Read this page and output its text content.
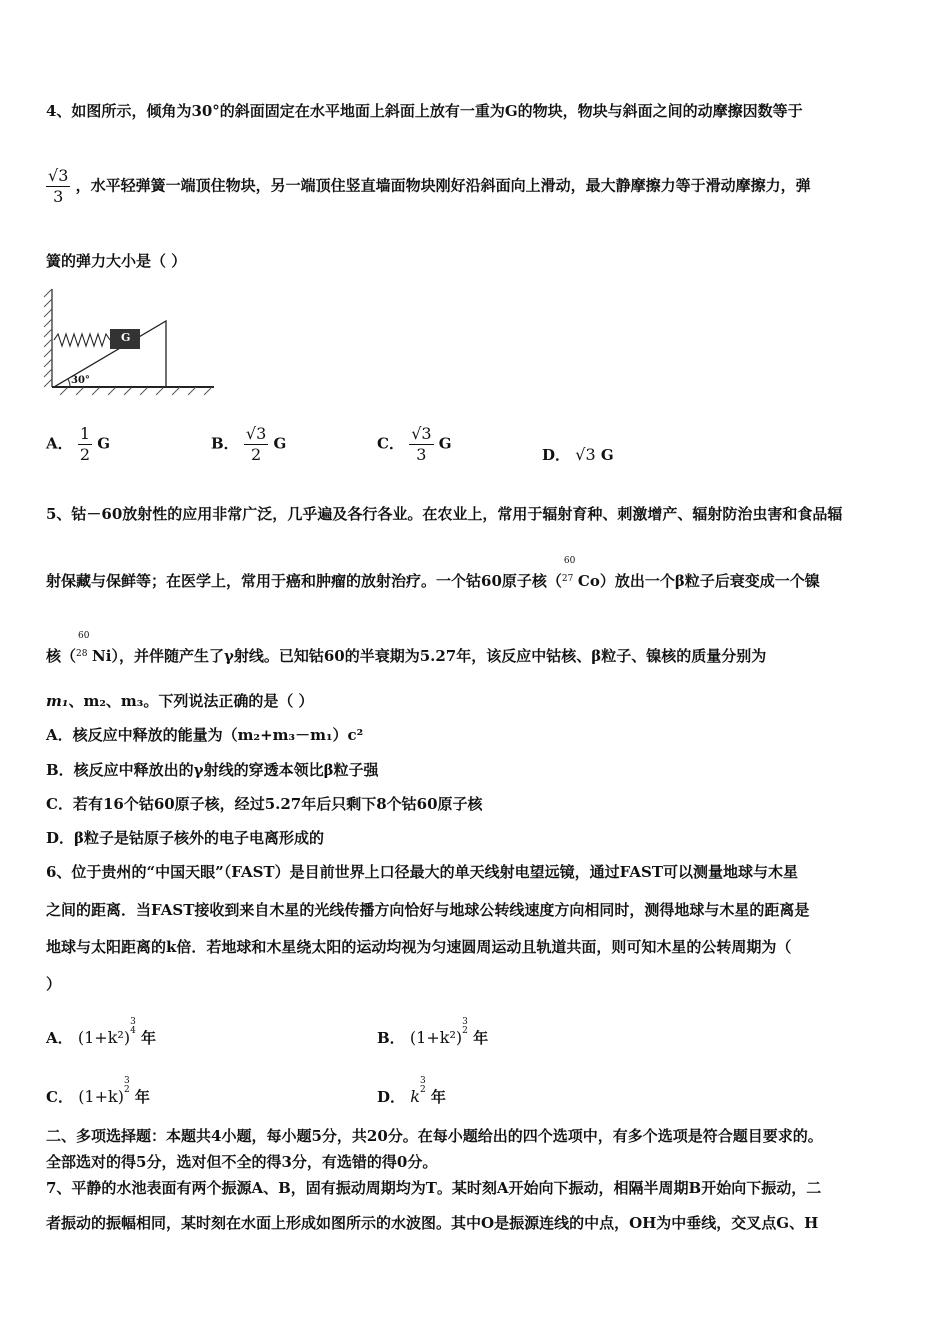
4、如图所示，倾角为30°的斜面固定在水平地面上斜面上放有一重为G的物块，物块与斜面之间的动摩擦因数等于
$\frac{√3}{3}$ ，水平轻弹簧一端顶住物块，另一端顶住竖直墙面物块刚好沿斜面向上滑动，最大静摩擦力等于滑动摩擦力，弹
簧的弹力大小是（ ）
G
30°
A． $\frac{1}{2}$ G	B． $\frac{√3}{2}$ G	C． $\frac{√3}{3}$ G
D． √3 G
5、钴－60放射性的应用非常广泛，几乎遍及各行各业。在农业上，常用于辐射育种、刺激增产、辐射防治虫害和食品辐
射保藏与保鲜等；在医学上，常用于癌和肿瘤的放射治疗。一个钴60原子核（
60
27 Co）放出一个β粒子后衰变成一个镍
核（
60
28 Ni），并伴随产生了γ射线。已知钴60的半衰期为5.27年，该反应中钴核、β粒子、镍核的质量分别为
m₁、m₂、m₃。下列说法正确的是（ ）
A．核反应中释放的能量为（m₂+m₃－m₁）c²
B．核反应中释放出的γ射线的穿透本领比β粒子强
C．若有16个钴60原子核，经过5.27年后只剩下8个钴60原子核
D．β粒子是钴原子核外的电子电离形成的
6、位于贵州的“中国天眼”（FAST）是目前世界上口径最大的单天线射电望远镜，通过FAST可以测量地球与木星
之间的距离．当FAST接收到来自木星的光线传播方向恰好与地球公转线速度方向相同时，测得地球与木星的距离是
地球与太阳距离的k倍．若地球和木星绕太阳的运动均视为匀速圆周运动且轨道共面，则可知木星的公转周期为（
）
A． (1+k²)
3
4 年	B． (1+k²)
3
2 年
C． (1+k)
3
2 年	D． k
3
2 年
二、多项选择题：本题共4小题，每小题5分，共20分。在每小题给出的四个选项中，有多个选项是符合题目要求的。
全部选对的得5分，选对但不全的得3分，有选错的得0分。
7、平静的水池表面有两个振源A、B，固有振动周期均为T。某时刻A开始向下振动，相隔半周期B开始向下振动，二
者振动的振幅相同，某时刻在水面上形成如图所示的水波图。其中O是振源连线的中点，OH为中垂线，交叉点G、H
